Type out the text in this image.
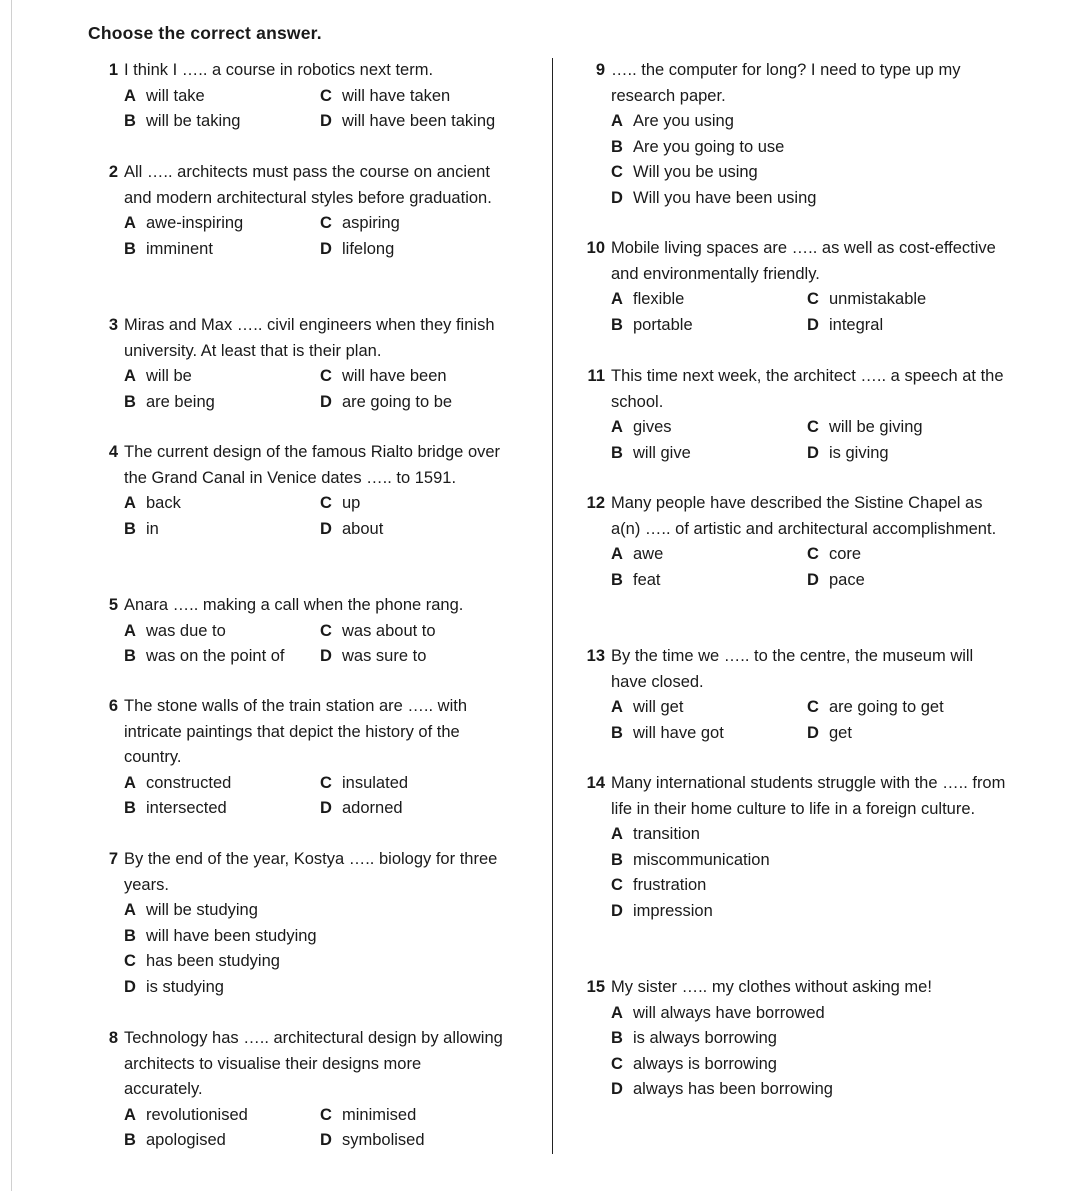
Choose the correct answer.
1 I think I ….. a course in robotics next term.
A will take	C will have taken
B will be taking	D will have been taking
2 All ….. architects must pass the course on ancient and modern architectural styles before graduation.
A awe-inspiring	C aspiring
B imminent	D lifelong
3 Miras and Max ….. civil engineers when they finish university. At least that is their plan.
A will be	C will have been
B are being	D are going to be
4 The current design of the famous Rialto bridge over the Grand Canal in Venice dates ….. to 1591.
A back	C up
B in	D about
5 Anara ….. making a call when the phone rang.
A was due to	C was about to
B was on the point of	D was sure to
6 The stone walls of the train station are ….. with intricate paintings that depict the history of the country.
A constructed	C insulated
B intersected	D adorned
7 By the end of the year, Kostya ….. biology for three years.
A will be studying
B will have been studying
C has been studying
D is studying
8 Technology has ….. architectural design by allowing architects to visualise their designs more accurately.
A revolutionised	C minimised
B apologised	D symbolised
9 ….. the computer for long? I need to type up my research paper.
A Are you using
B Are you going to use
C Will you be using
D Will you have been using
10 Mobile living spaces are ….. as well as cost-effective and environmentally friendly.
A flexible	C unmistakable
B portable	D integral
11 This time next week, the architect ….. a speech at the school.
A gives	C will be giving
B will give	D is giving
12 Many people have described the Sistine Chapel as a(n) ….. of artistic and architectural accomplishment.
A awe	C core
B feat	D pace
13 By the time we ….. to the centre, the museum will have closed.
A will get	C are going to get
B will have got	D get
14 Many international students struggle with the ….. from life in their home culture to life in a foreign culture.
A transition
B miscommunication
C frustration
D impression
15 My sister ….. my clothes without asking me!
A will always have borrowed
B is always borrowing
C always is borrowing
D always has been borrowing
